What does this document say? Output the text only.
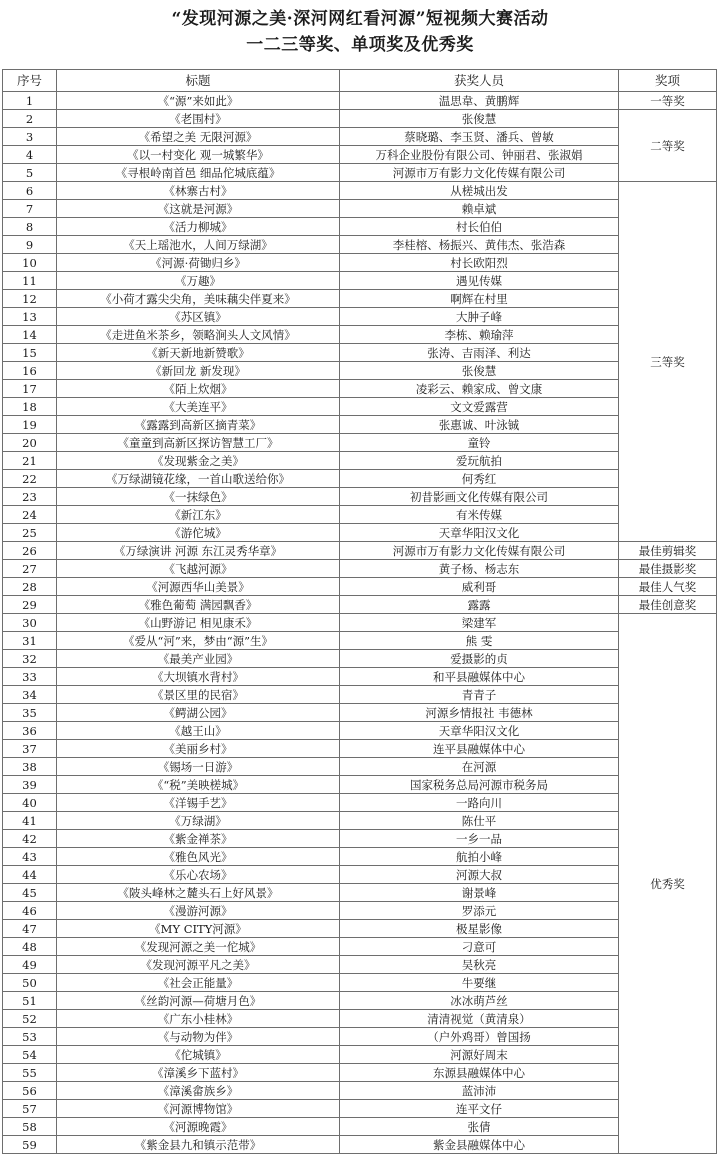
“发现河源之美·深河网红看河源”短视频大赛活动
一二三等奖、单项奖及优秀奖
序号	标题	获奖人员	奖项
1	《“源”来如此》	温思韋、黄鹏辉	一等奖
2	《老围村》	张俊慧	二等奖
3	《希望之美 无限河源》	蔡晓璐、李玉贤、潘兵、曾敏	
4	《以一村变化 观一城繁华》	万科企业股份有限公司、钟丽君、张淑娟	
5	《寻根岭南首邑 细品佗城底蕴》	河源市万有影力文化传媒有限公司	
6	《林寨古村》	从槎城出发	三等奖
7	《这就是河源》	赖卓斌	
8	《活力柳城》	村长伯伯	
9	《天上瑶池水，人间万绿湖》	李桂榕、杨振兴、黄伟杰、张浩森	
10	《河源·荷锄归乡》	村长欧阳烈	
11	《万趣》	遇见传媒	
12	《小荷才露尖尖角，美味藕尖伴夏来》	啊辉在村里	
13	《苏区镇》	大肿子峰	
14	《走进鱼米茶乡，领略涧头人文风情》	李栋、赖瑜萍	
15	《新天新地新赞歌》	张涛、吉雨泽、利达	
16	《新回龙 新发现》	张俊慧	
17	《陌上炊烟》	凌彩云、赖家成、曾文康	
18	《大美连平》	文文爱露营	
19	《露露到高新区摘青菜》	张惠诚、叶泳铖	
20	《童童到高新区探访智慧工厂》	童铃	
21	《发现紫金之美》	爱玩航拍	
22	《万绿湖镜花缘，一首山歌送给你》	何秀红	
23	《一抹绿色》	初昔影画文化传媒有限公司	
24	《新江东》	有米传媒	
25	《游佗城》	天章华阳汉文化	
26	《万绿演讲 河源 东江灵秀华章》	河源市万有影力文化传媒有限公司	最佳剪辑奖
27	《飞越河源》	黄子杨、杨志东	最佳摄影奖
28	《河源西华山美景》	威利哥	最佳人气奖
29	《雅色葡萄 满园飘香》	露露	最佳创意奖
30	《山野游记 相见康禾》	梁建军	优秀奖
31	《爱从“河”来，梦由“源”生》	熊 雯	
32	《最美产业园》	爱摄影的贞	
33	《大坝镇水背村》	和平县融媒体中心	
34	《景区里的民宿》	青青子	
35	《鳄湖公园》	河源乡情报社 韦德林	
36	《越王山》	天章华阳汉文化	
37	《美丽乡村》	连平县融媒体中心	
38	《锡场一日游》	在河源	
39	《“税”美映槎城》	国家税务总局河源市税务局	
40	《洋锡手艺》	一路向川	
41	《万绿湖》	陈仕平	
42	《紫金禅茶》	一乡一品	
43	《雅色风光》	航拍小峰	
44	《乐心农场》	河源大叔	
45	《陂头峰林之麓头石上好风景》	谢景峰	
46	《漫游河源》	罗添元	
47	《MY CITY河源》	极星影像	
48	《发现河源之美一佗城》	刁意可	
49	《发现河源平凡之美》	吴秋亮	
50	《社会正能量》	牛要继	
51	《丝韵河源—荷塘月色》	冰冰萌芦丝	
52	《广东小桂林》	清清视觉（黄清泉）	
53	《与动物为伴》	（户外鸡哥）曾国扬	
54	《佗城镇》	河源好周末	
55	《漳溪乡下蓝村》	东源县融媒体中心	
56	《漳溪畲族乡》	蓝沛沛	
57	《河源博物馆》	连平文仔	
58	《河源晚霞》	张倩	
59	《紫金县九和镇示范带》	紫金县融媒体中心	
